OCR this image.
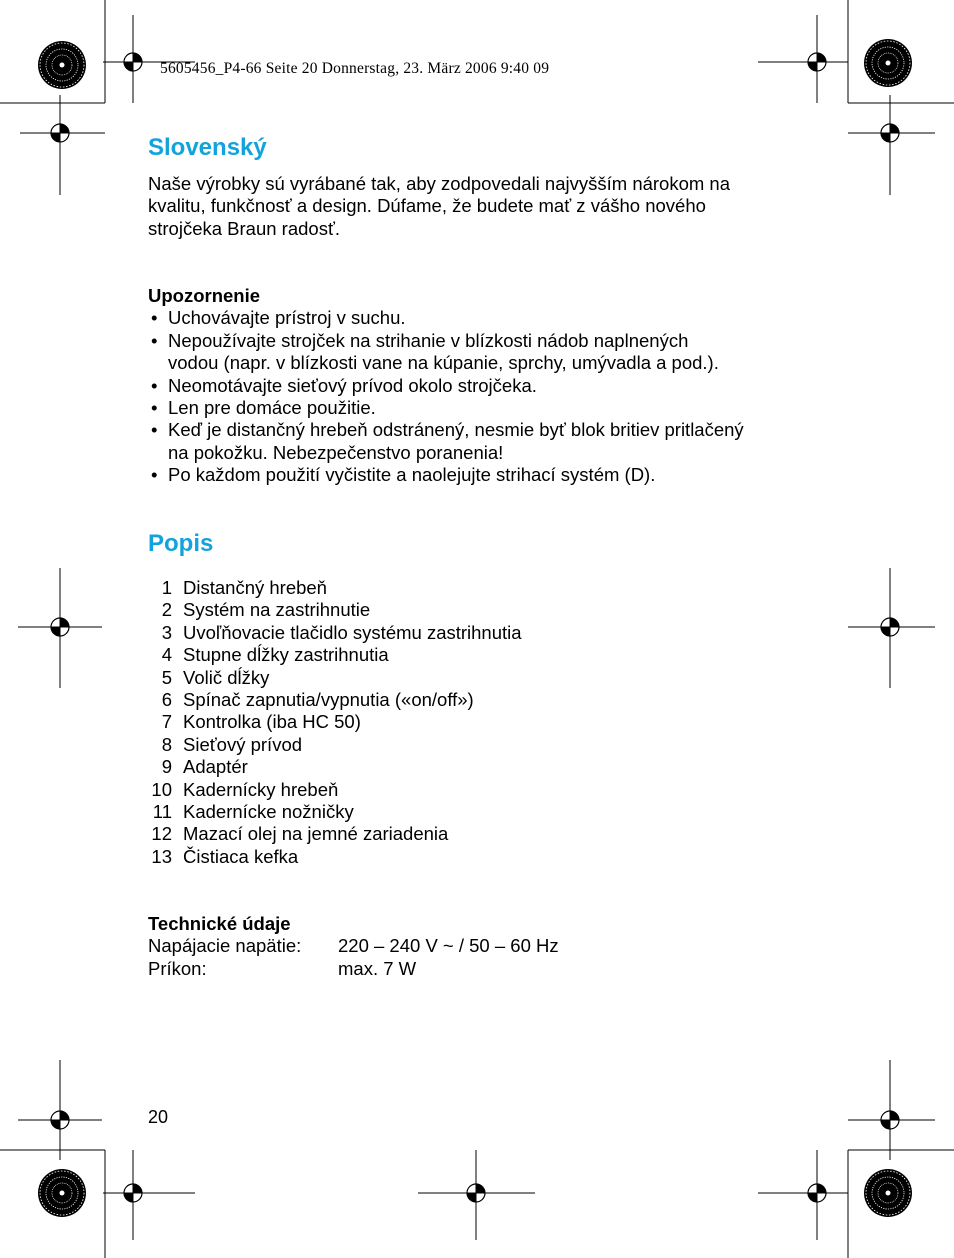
5605456_P4-66 Seite 20 Donnerstag, 23. März 2006 9:40 09
Slovenský

Naše výrobky sú vyrábané tak, aby zodpovedali najvyšším nárokom na

kvalitu, funkčnosť a design. Dúfame, že budete mať z vášho nového

strojčeka Braun radosť.

Upozornenie

• Uchovávajte prístroj v suchu.
• Nepoužívajte strojček na strihanie v blízkosti nádob naplnených
vodou (napr. v blízkosti vane na kúpanie, sprchy, umývadla a pod.).
• Neomotávajte sieťový prívod okolo strojčeka.
• Len pre domáce použitie.
• Keď je distančný hrebeň odstránený, nesmie byť blok britiev pritlačený
na pokožku. Nebezpečenstvo poranenia!
• Po každom použití vyčistite a naolejujte strihací systém (D).
Popis
1 Distančný hrebeň
2 Systém na zastrihnutie
3 Uvoľňovacie tlačidlo systému zastrihnutia
4 Stupne dĺžky zastrihnutia
5 Volič dĺžky
6 Spínač zapnutia/vypnutia («on/off»)
7 Kontrolka (iba HC 50)
8 Sieťový prívod
9 Adaptér
10 Kadernícky hrebeň
11 Kadernícke nožničky
12 Mazací olej na jemné zariadenia
13 Čistiaca kefka

Technické údaje

Napájacie napätie:	220 – 240 V ~ / 50 – 60 Hz
Príkon:	max. 7 W
20
